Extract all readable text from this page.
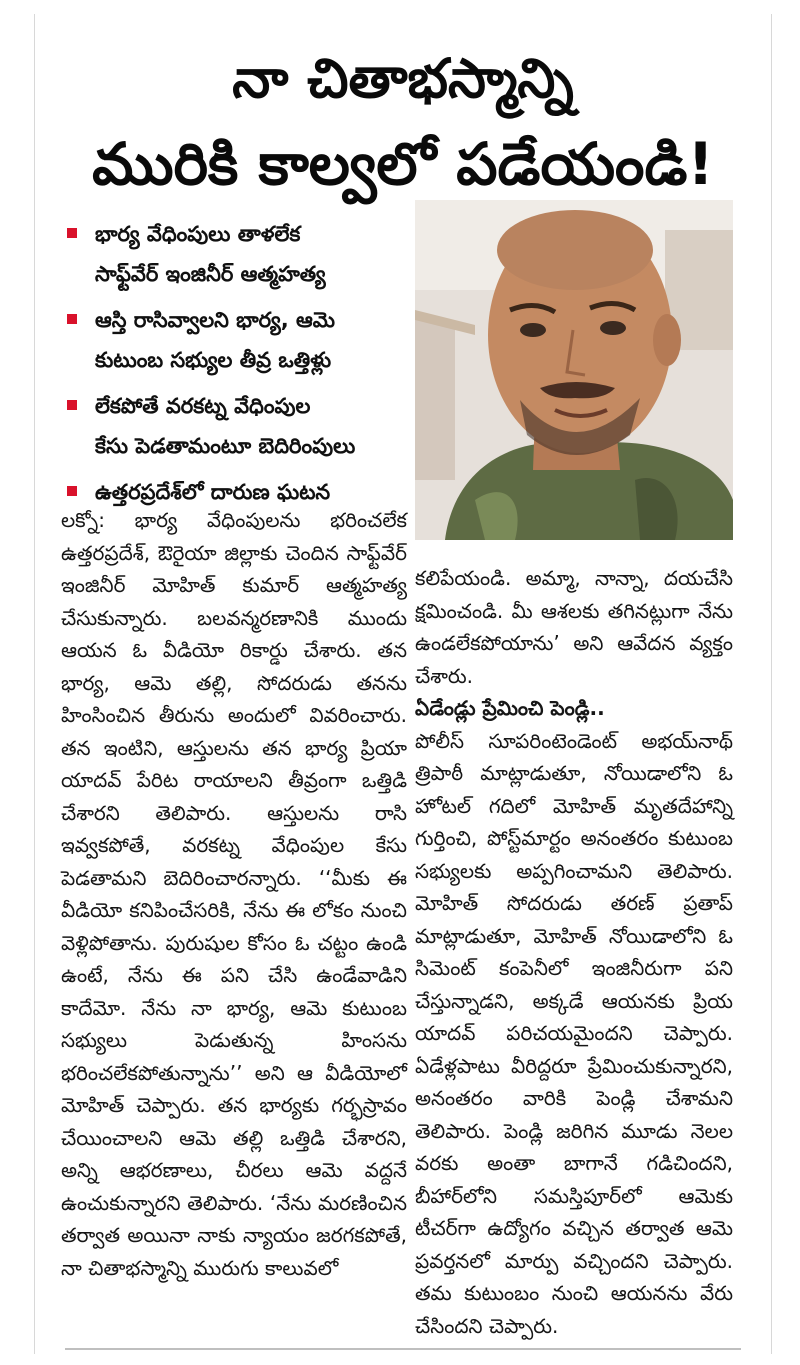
నా చితాభస్మాన్ని
మురికి కాల్వలో పడేయండి!
భార్య వేధింపులు తాళలేక
సాఫ్ట్‌వేర్ ఇంజినీర్ ఆత్మహత్య
ఆస్తి రాసివ్వాలని భార్య, ఆమె
కుటుంబ సభ్యుల తీవ్ర ఒత్తిళ్లు
లేకపోతే వరకట్న వేధింపుల
కేసు పెడతామంటూ బెదిరింపులు
ఉత్తరప్రదేశ్‌లో దారుణ ఘటన

లక్నో: భార్య వేధింపులను భరించలేక ఉత్తరప్రదేశ్, ఔరైయా జిల్లాకు చెందిన సాఫ్ట్‌వేర్ ఇంజినీర్ మోహిత్ కుమార్ ఆత్మహత్య చేసుకున్నారు. బలవన్మరణానికి ముందు ఆయన ఓ వీడియో రికార్డు చేశారు. తన భార్య, ఆమె తల్లి, సోదరుడు తనను హింసించిన తీరును అందులో వివరించారు. తన ఇంటిని, ఆస్తులను తన భార్య ప్రియా యాదవ్ పేరిట రాయాలని తీవ్రంగా ఒత్తిడి చేశారని తెలిపారు. ఆస్తులను రాసి ఇవ్వకపోతే, వరకట్న వేధింపుల కేసు పెడతామని బెదిరించారన్నారు. ‘‘మీకు ఈ వీడియో కనిపించేసరికి, నేను ఈ లోకం నుంచి వెళ్లిపోతాను. పురుషుల కోసం ఓ చట్టం ఉండి ఉంటే, నేను ఈ పని చేసి ఉండేవాడిని కాదేమో. నేను నా భార్య, ఆమె కుటుంబ సభ్యులు పెడుతున్న హింసను భరించలేకపోతున్నాను’’ అని ఆ వీడియోలో మోహిత్ చెప్పారు. తన భార్యకు గర్భస్రావం చేయించాలని ఆమె తల్లి ఒత్తిడి చేశారని, అన్ని ఆభరణాలు, చీరలు ఆమె వద్దనే ఉంచుకున్నారని తెలిపారు. ‘నేను మరణించిన తర్వాత అయినా నాకు న్యాయం జరగకపోతే, నా చితాభస్మాన్ని మురుగు కాలువలో

కలిపేయండి. అమ్మా, నాన్నా, దయచేసి క్షమించండి. మీ ఆశలకు తగినట్లుగా నేను ఉండలేకపోయాను’ అని ఆవేదన వ్యక్తం చేశారు.

ఏడేండ్లు ప్రేమించి పెండ్లి..

పోలీస్ సూపరింటెండెంట్ అభయ్‌నాథ్ త్రిపాఠీ మాట్లాడుతూ, నోయిడాలోని ఓ హోటల్ గదిలో మోహిత్ మృతదేహాన్ని గుర్తించి, పోస్ట్‌మార్టం అనంతరం కుటుంబ సభ్యులకు అప్పగించామని తెలిపారు. మోహిత్ సోదరుడు తరణ్ ప్రతాప్ మాట్లాడుతూ, మోహిత్ నోయిడాలోని ఓ సిమెంట్ కంపెనీలో ఇంజినీరుగా పని చేస్తున్నాడని, అక్కడే ఆయనకు ప్రియ యాదవ్ పరిచయమైందని చెప్పారు. ఏడేళ్లపాటు వీరిద్దరూ ప్రేమించుకున్నారని, అనంతరం వారికి పెండ్లి చేశామని తెలిపారు. పెండ్లి జరిగిన మూడు నెలల వరకు అంతా బాగానే గడిచిందని, బీహార్‌లోని సమస్తిపూర్‌లో ఆమెకు టీచర్‌గా ఉద్యోగం వచ్చిన తర్వాత ఆమె ప్రవర్తనలో మార్పు వచ్చిందని చెప్పారు. తమ కుటుంబం నుంచి ఆయనను వేరు చేసిందని చెప్పారు.
